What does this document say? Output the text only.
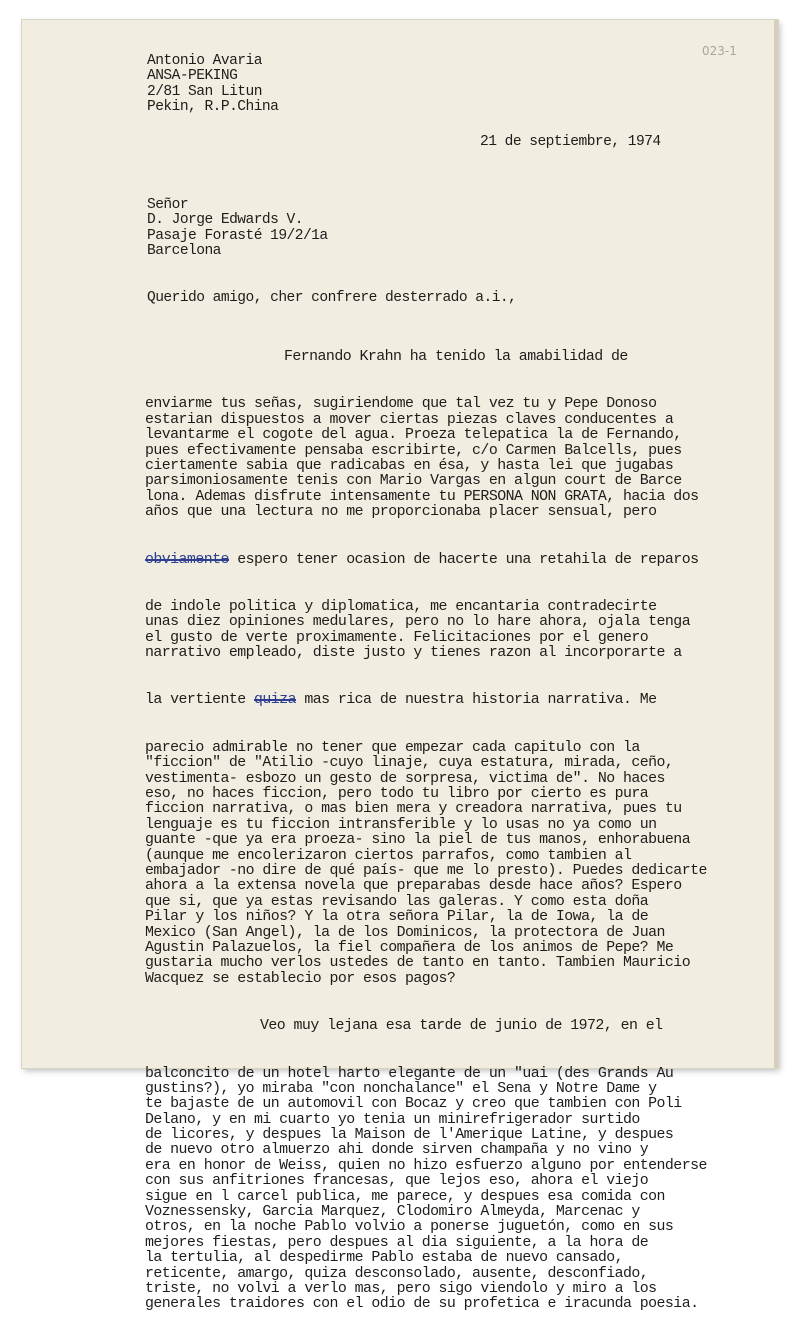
023-1
Antonio Avaria
ANSA-PEKING
2/81 San Litun
Pekin, R.P.China
21 de septiembre, 1974
Señor
D. Jorge Edwards V.
Pasaje Forasté 19/2/1a
Barcelona
Querido amigo, cher confrere desterrado a.i.,

Fernando Krahn ha tenido la amabilidad de

enviarme tus señas, sugiriendome que tal vez tu y Pepe Donoso
estarian dispuestos a mover ciertas piezas claves conducentes a
levantarme el cogote del agua. Proeza telepatica la de Fernando,
pues efectivamente pensaba escribirte, c/o Carmen Balcells, pues
ciertamente sabia que radicabas en ésa, y hasta lei que jugabas
parsimoniosamente tenis con Mario Vargas en algun court de Barce
lona. Ademas disfrute intensamente tu PERSONA NON GRATA, hacia dos
años que una lectura no me proporcionaba placer sensual, pero

obviamente espero tener ocasion de hacerte una retahila de reparos

de indole politica y diplomatica, me encantaria contradecirte
unas diez opiniones medulares, pero no lo hare ahora, ojala tenga
el gusto de verte proximamente. Felicitaciones por el genero
narrativo empleado, diste justo y tienes razon al incorporarte a

la vertiente quiza mas rica de nuestra historia narrativa. Me

parecio admirable no tener que empezar cada capitulo con la
"ficcion" de "Atilio -cuyo linaje, cuya estatura, mirada, ceño,
vestimenta- esbozo un gesto de sorpresa, victima de". No haces
eso, no haces ficcion, pero todo tu libro por cierto es pura
ficcion narrativa, o mas bien mera y creadora narrativa, pues tu
lenguaje es tu ficcion intransferible y lo usas no ya como un
guante -que ya era proeza- sino la piel de tus manos, enhorabuena
(aunque me encolerizaron ciertos parrafos, como tambien al
embajador -no dire de qué país- que me lo presto). Puedes dedicarte
ahora a la extensa novela que preparabas desde hace años? Espero
que si, que ya estas revisando las galeras. Y como esta doña
Pilar y los niños? Y la otra señora Pilar, la de Iowa, la de
Mexico (San Angel), la de los Dominicos, la protectora de Juan
Agustin Palazuelos, la fiel compañera de los animos de Pepe? Me
gustaria mucho verlos ustedes de tanto en tanto. Tambien Mauricio
Wacquez se establecio por esos pagos?

Veo muy lejana esa tarde de junio de 1972, en el

balconcito de un hotel harto elegante de un "uai (des Grands Au
gustins?), yo miraba "con nonchalance" el Sena y Notre Dame y
te bajaste de un automovil con Bocaz y creo que tambien con Poli
Delano, y en mi cuarto yo tenia un minirefrigerador surtido
de licores, y despues la Maison de l'Amerique Latine, y despues
de nuevo otro almuerzo ahi donde sirven champaña y no vino y
era en honor de Weiss, quien no hizo esfuerzo alguno por entenderse
con sus anfitriones francesas, que lejos eso, ahora el viejo
sigue en l carcel publica, me parece, y despues esa comida con
Voznessensky, Garcia Marquez, Clodomiro Almeyda, Marcenac y
otros, en la noche Pablo volvio a ponerse juguetón, como en sus
mejores fiestas, pero despues al dia siguiente, a la hora de
la tertulia, al despedirme Pablo estaba de nuevo cansado,
reticente, amargo, quiza desconsolado, ausente, desconfiado,
triste, no volvi a verlo mas, pero sigo viendolo y miro a los
generales traidores con el odio de su profetica e iracunda poesia.
